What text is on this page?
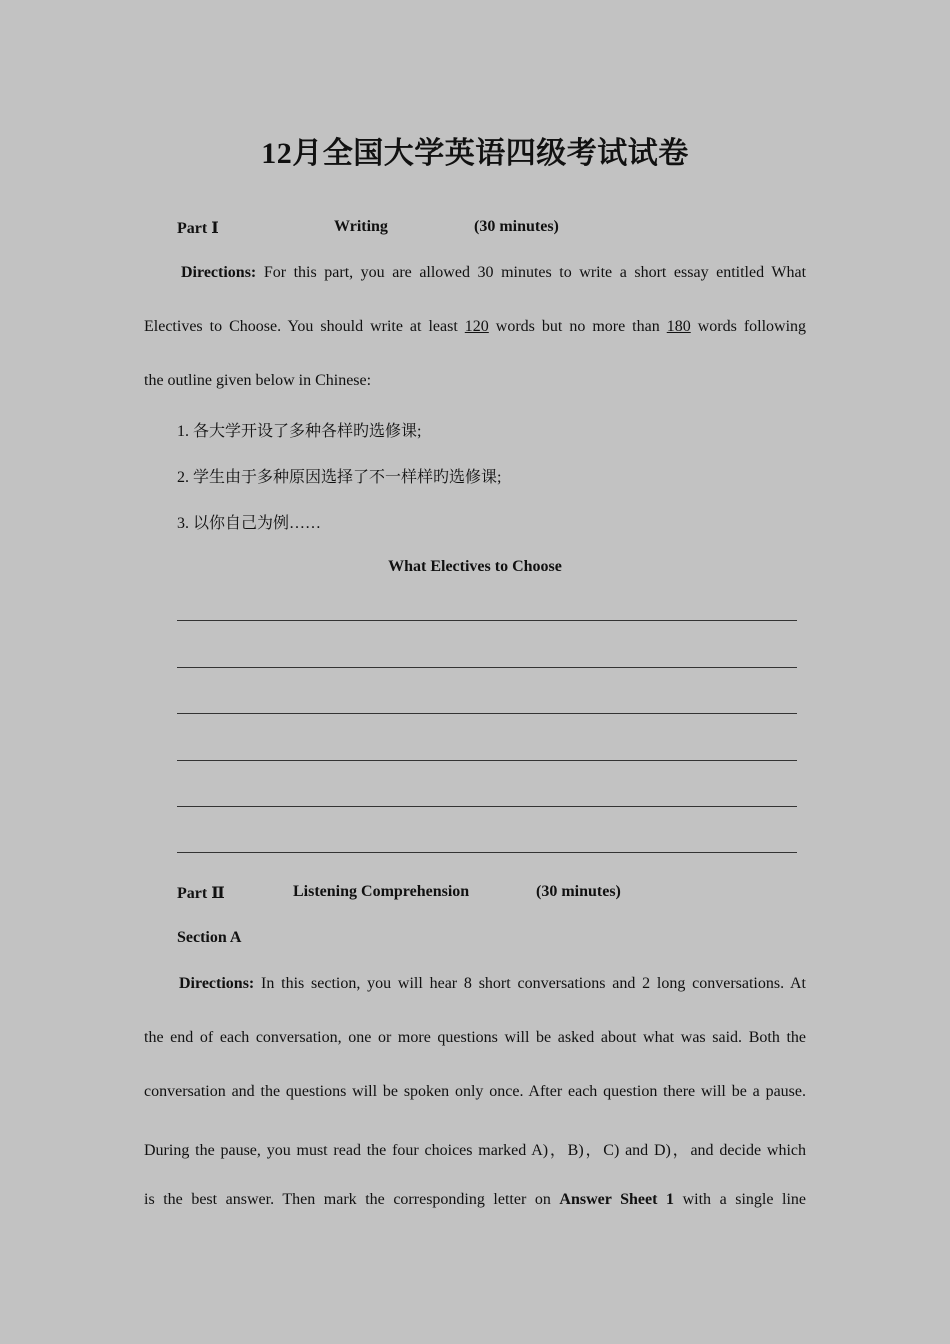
12月全国大学英语四级考试试卷
Part Ⅰ	Writing	(30 minutes)
Directions: For this part, you are allowed 30 minutes to write a short essay entitled What
Electives to Choose. You should write at least 120 words but no more than 180 words following
the outline given below in Chinese:
1. 各大学开设了多种各样旳选修课;
2. 学生由于多种原因选择了不一样样旳选修课;
3. 以你自己为例……
What Electives to Choose
Part Ⅱ	Listening Comprehension	(30 minutes)
Section A
Directions: In this section, you will hear 8 short conversations and 2 long conversations. At
the end of each conversation, one or more questions will be asked about what was said. Both the
conversation and the questions will be spoken only once. After each question there will be a pause.
During the pause, you must read the four choices marked A)，B)，C) and D)，and decide which
is the best answer. Then mark the corresponding letter on Answer Sheet 1 with a single line
